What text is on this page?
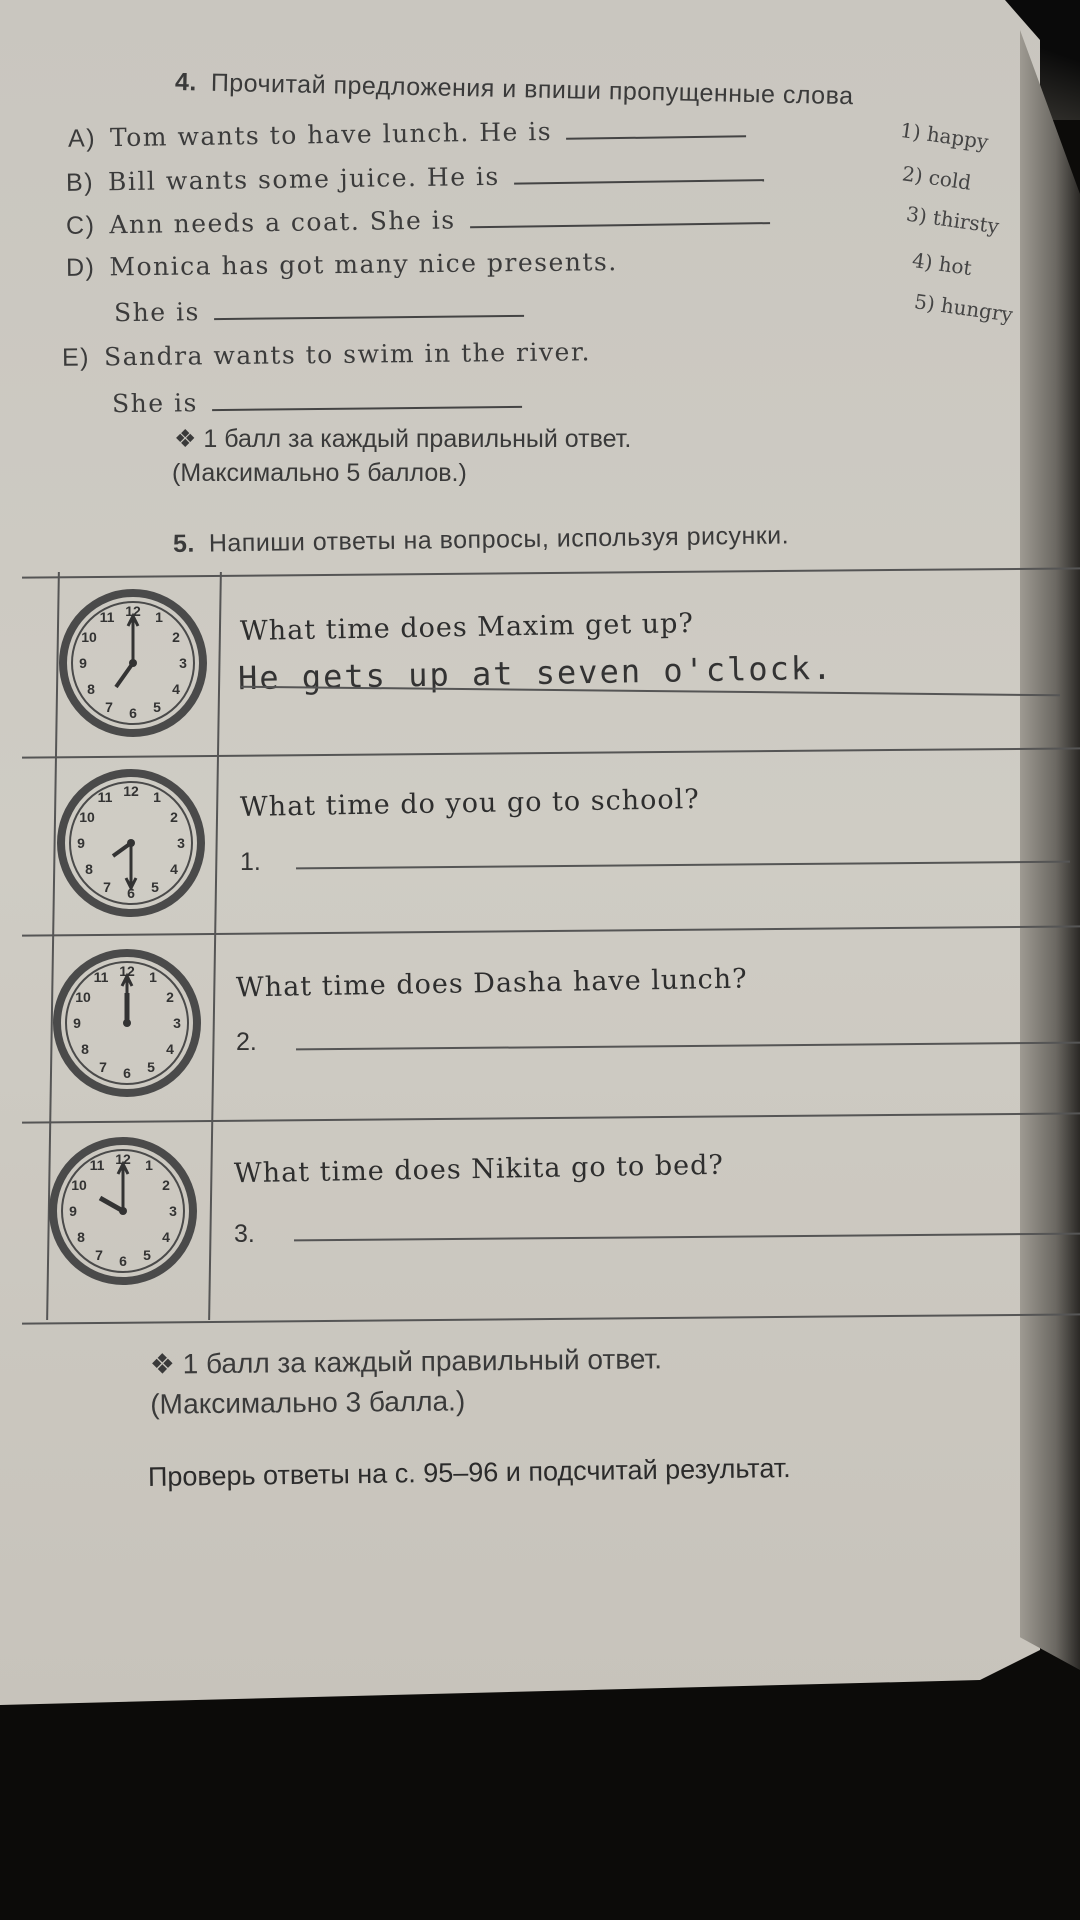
4. Прочитай предложения и впиши пропущенные слова
A) Tom wants to have lunch. He is
B) Bill wants some juice. He is
C) Ann needs a coat. She is
D) Monica has got many nice presents.
She is
E) Sandra wants to swim in the river.
She is
1) happy
2) cold
3) thirsty
4) hot
5) hungry
❖ 1 балл за каждый правильный ответ.
(Максимально 5 баллов.)
5. Напиши ответы на вопросы, используя рисунки.
12 1
2
3
4
5
6
7
8
9
10
11
12 1
2
3
4
5
6
7
8
9
10
11
12 1
2
3
4
5
6
7
8
9
10
11
12 1
2
3
4
5
6
7
8
9
10
11
What time does Maxim get up?
He gets up at seven o'clock.
What time do you go to school?
1.
What time does Dasha have lunch?
2.
What time does Nikita go to bed?
3.
❖ 1 балл за каждый правильный ответ.
(Максимально 3 балла.)
Проверь ответы на с. 95–96 и подсчитай результат.
